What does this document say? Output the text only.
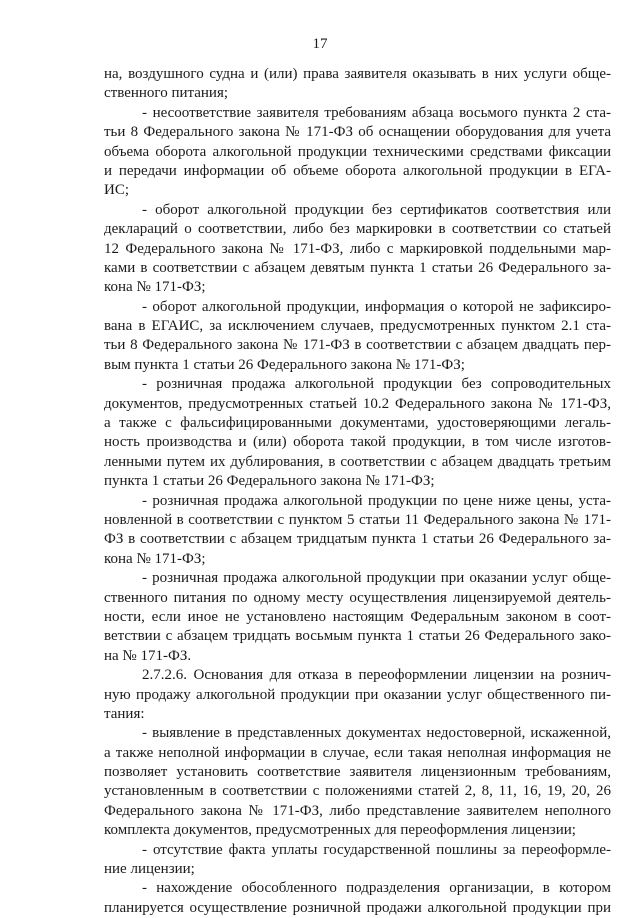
17
на, воздушного судна и (или) права заявителя оказывать в них услуги обще-
ственного питания;
- несоответствие заявителя требованиям абзаца восьмого пункта 2 ста-
тьи 8 Федерального закона № 171-ФЗ об оснащении оборудования для учета
объема оборота алкогольной продукции техническими средствами фиксации
и передачи информации об объеме оборота алкогольной продукции в ЕГА-
ИС;
- оборот алкогольной продукции без сертификатов соответствия или
деклараций о соответствии, либо без маркировки в соответствии со статьей
12 Федерального закона № 171-ФЗ, либо с маркировкой поддельными мар-
ками в соответствии с абзацем девятым пункта 1 статьи 26 Федерального за-
кона № 171-ФЗ;
- оборот алкогольной продукции, информация о которой не зафиксиро-
вана в ЕГАИС, за исключением случаев, предусмотренных пунктом 2.1 ста-
тьи 8 Федерального закона № 171-ФЗ в соответствии с абзацем двадцать пер-
вым пункта 1 статьи 26 Федерального закона № 171-ФЗ;
- розничная продажа алкогольной продукции без сопроводительных
документов, предусмотренных статьей 10.2 Федерального закона № 171-ФЗ,
а также с фальсифицированными документами, удостоверяющими легаль-
ность производства и (или) оборота такой продукции, в том числе изготов-
ленными путем их дублирования, в соответствии с абзацем двадцать третьим
пункта 1 статьи 26 Федерального закона № 171-ФЗ;
- розничная продажа алкогольной продукции по цене ниже цены, уста-
новленной в соответствии с пунктом 5 статьи 11 Федерального закона № 171-
ФЗ в соответствии с абзацем тридцатым пункта 1 статьи 26 Федерального за-
кона № 171-ФЗ;
- розничная продажа алкогольной продукции при оказании услуг обще-
ственного питания по одному месту осуществления лицензируемой деятель-
ности, если иное не установлено настоящим Федеральным законом в соот-
ветствии с абзацем тридцать восьмым пункта 1 статьи 26 Федерального зако-
на № 171-ФЗ.
2.7.2.6. Основания для отказа в переоформлении лицензии на рознич-
ную продажу алкогольной продукции при оказании услуг общественного пи-
тания:
- выявление в представленных документах недостоверной, искаженной,
а также неполной информации в случае, если такая неполная информация не
позволяет установить соответствие заявителя лицензионным требованиям,
установленным в соответствии с положениями статей 2, 8, 11, 16, 19, 20, 26
Федерального закона № 171-ФЗ, либо представление заявителем неполного
комплекта документов, предусмотренных для переоформления лицензии;
- отсутствие факта уплаты государственной пошлины за переоформле-
ние лицензии;
- нахождение обособленного подразделения организации, в котором
планируется осуществление розничной продажи алкогольной продукции при
